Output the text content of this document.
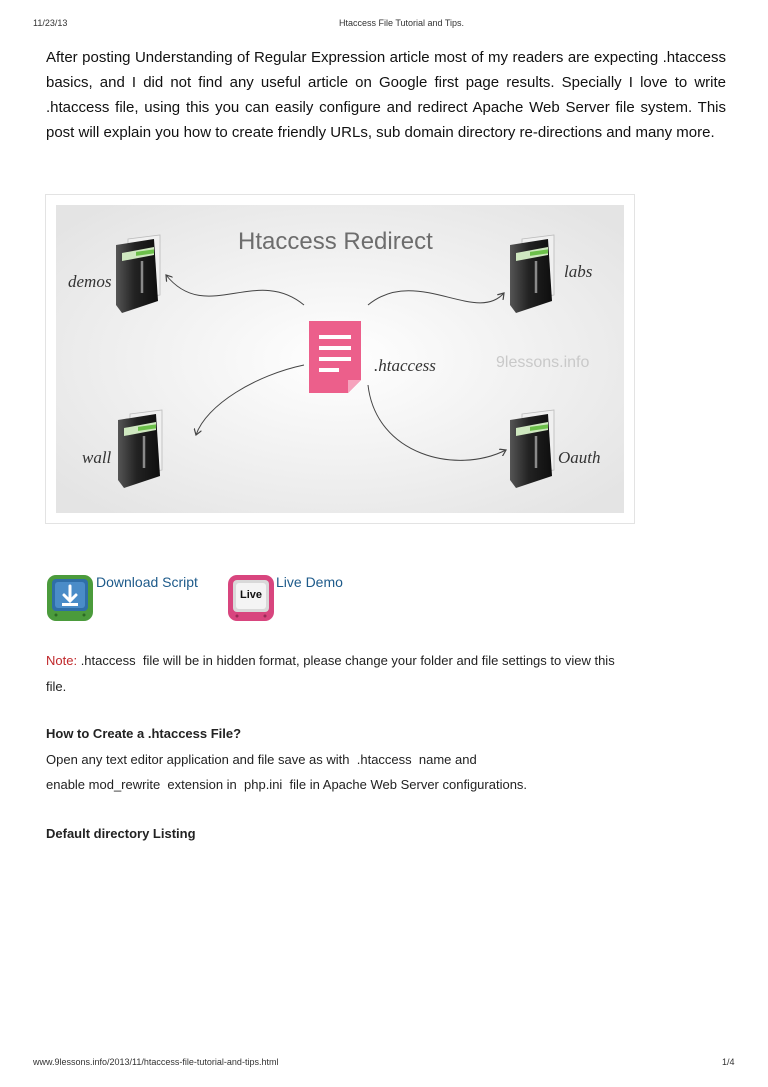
11/23/13	Htaccess File Tutorial and Tips.
After posting Understanding of Regular Expression article most of my readers are expecting .htaccess basics, and I did not find any useful article on Google first page results. Specially I love to write .htaccess file, using this you can easily configure and redirect Apache Web Server file system. This post will explain you how to create friendly URLs, sub domain directory re-directions and many more.
Htaccess Redirect
9lessons.info
.htaccess
demos
labs
wall	Oauth
Download Script
Live
Live Demo
Note: .htaccess  file will be in hidden format, please change your folder and file settings to view this
file.
How to Create a .htaccess File?
Open any text editor application and file save as with  .htaccess  name and
enable mod_rewrite  extension in  php.ini  file in Apache Web Server configurations.
Default directory Listing
www.9lessons.info/2013/11/htaccess-file-tutorial-and-tips.html	1/4
